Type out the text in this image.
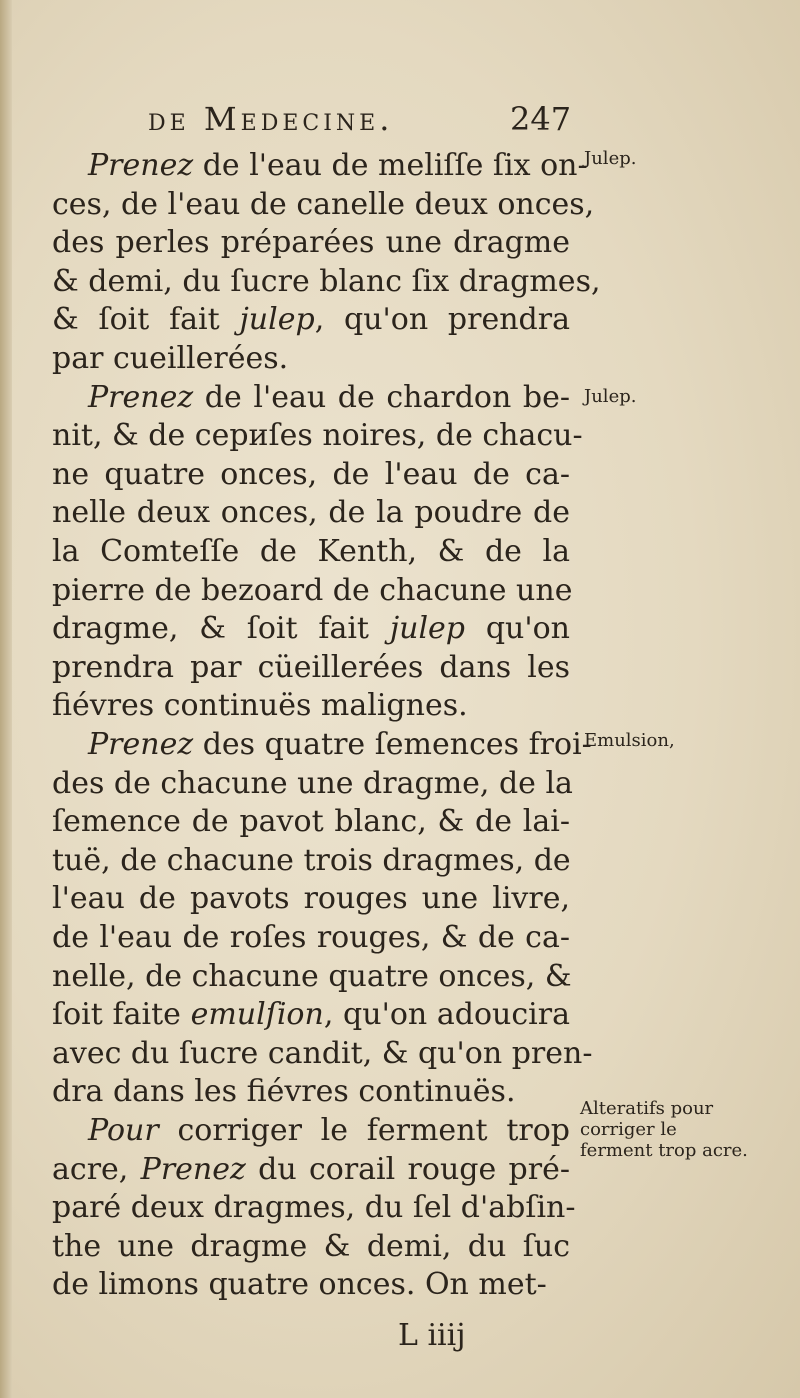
de Medecine.	247
Prenez de l'eau de meliſſe ſix on-
ces, de l'eau de canelle deux onces,
des perles préparées une dragme
& demi, du ſucre blanc ſix dragmes,
& ſoit fait julep, qu'on prendra
par cueillerées.
Prenez de l'eau de chardon be-
nit, & de cериſes noires, de chacu-
ne quatre onces, de l'eau de ca-
nelle deux onces, de la poudre de
la Comteſſe de Kenth, & de la
pierre de bezoard de chacune une
dragme, & ſoit fait julep qu'on
prendra par cüeillerées dans les
fiévres continuës malignes.
Prenez des quatre ſemences froi-
des de chacune une dragme, de la
ſemence de pavot blanc, & de lai-
tuë, de chacune trois dragmes, de
l'eau de pavots rouges une livre,
de l'eau de roſes rouges, & de ca-
nelle, de chacune quatre onces, &
ſoit faite emulſion, qu'on adoucira
avec du ſucre candit, & qu'on pren-
dra dans les fiévres continuës.
Pour corriger le ferment trop
acre, Prenez du corail rouge pré-
paré deux dragmes, du ſel d'abſin-
the une dragme & demi, du ſuc
de limons quatre onces. On met-
Julep.
Julep.
Emulsion,
Alteratifs pour corriger le ferment trop acre.
L iiij
